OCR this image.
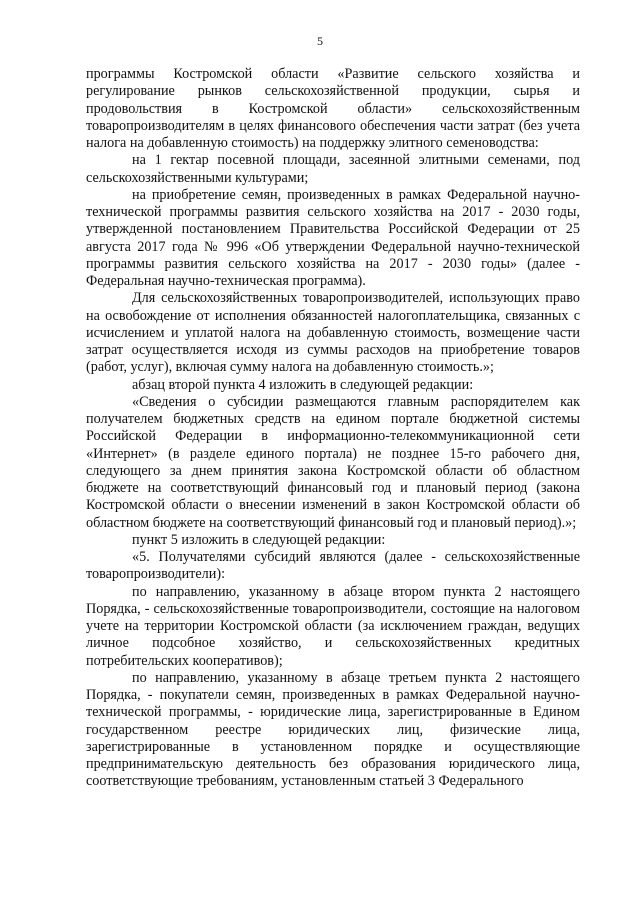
5

программы Костромской области «Развитие сельского хозяйства и регулирование рынков сельскохозяйственной продукции, сырья и продовольствия в Костромской области» сельскохозяйственным товаропроизводителям в целях финансового обеспечения части затрат (без учета налога на добавленную стоимость) на поддержку элитного семеноводства:

на 1 гектар посевной площади, засеянной элитными семенами, под сельскохозяйственными культурами;

на приобретение семян, произведенных в рамках Федеральной научно-технической программы развития сельского хозяйства на 2017 - 2030 годы, утвержденной постановлением Правительства Российской Федерации от 25 августа 2017 года № 996 «Об утверждении Федеральной научно-технической программы развития сельского хозяйства на 2017 - 2030 годы» (далее - Федеральная научно-техническая программа).

Для сельскохозяйственных товаропроизводителей, использующих право на освобождение от исполнения обязанностей налогоплательщика, связанных с исчислением и уплатой налога на добавленную стоимость, возмещение части затрат осуществляется исходя из суммы расходов на приобретение товаров (работ, услуг), включая сумму налога на добавленную стоимость.»;

абзац второй пункта 4 изложить в следующей редакции:

«Сведения о субсидии размещаются главным распорядителем как получателем бюджетных средств на едином портале бюджетной системы Российской Федерации в информационно-телекоммуникационной сети «Интернет» (в разделе единого портала) не позднее 15-го рабочего дня, следующего за днем принятия закона Костромской области об областном бюджете на соответствующий финансовый год и плановый период (закона Костромской области о внесении изменений в закон Костромской области об областном бюджете на соответствующий финансовый год и плановый период).»;

пункт 5 изложить в следующей редакции:

«5. Получателями субсидий являются (далее - сельскохозяйственные товаропроизводители):

по направлению, указанному в абзаце втором пункта 2 настоящего Порядка, - сельскохозяйственные товаропроизводители, состоящие на налоговом учете на территории Костромской области (за исключением граждан, ведущих личное подсобное хозяйство, и сельскохозяйственных кредитных потребительских кооперативов);

по направлению, указанному в абзаце третьем пункта 2 настоящего Порядка, - покупатели семян, произведенных в рамках Федеральной научно-технической программы, - юридические лица, зарегистрированные в Едином государственном реестре юридических лиц, физические лица, зарегистрированные в установленном порядке и осуществляющие предпринимательскую деятельность без образования юридического лица, соответствующие требованиям, установленным статьей 3 Федерального
